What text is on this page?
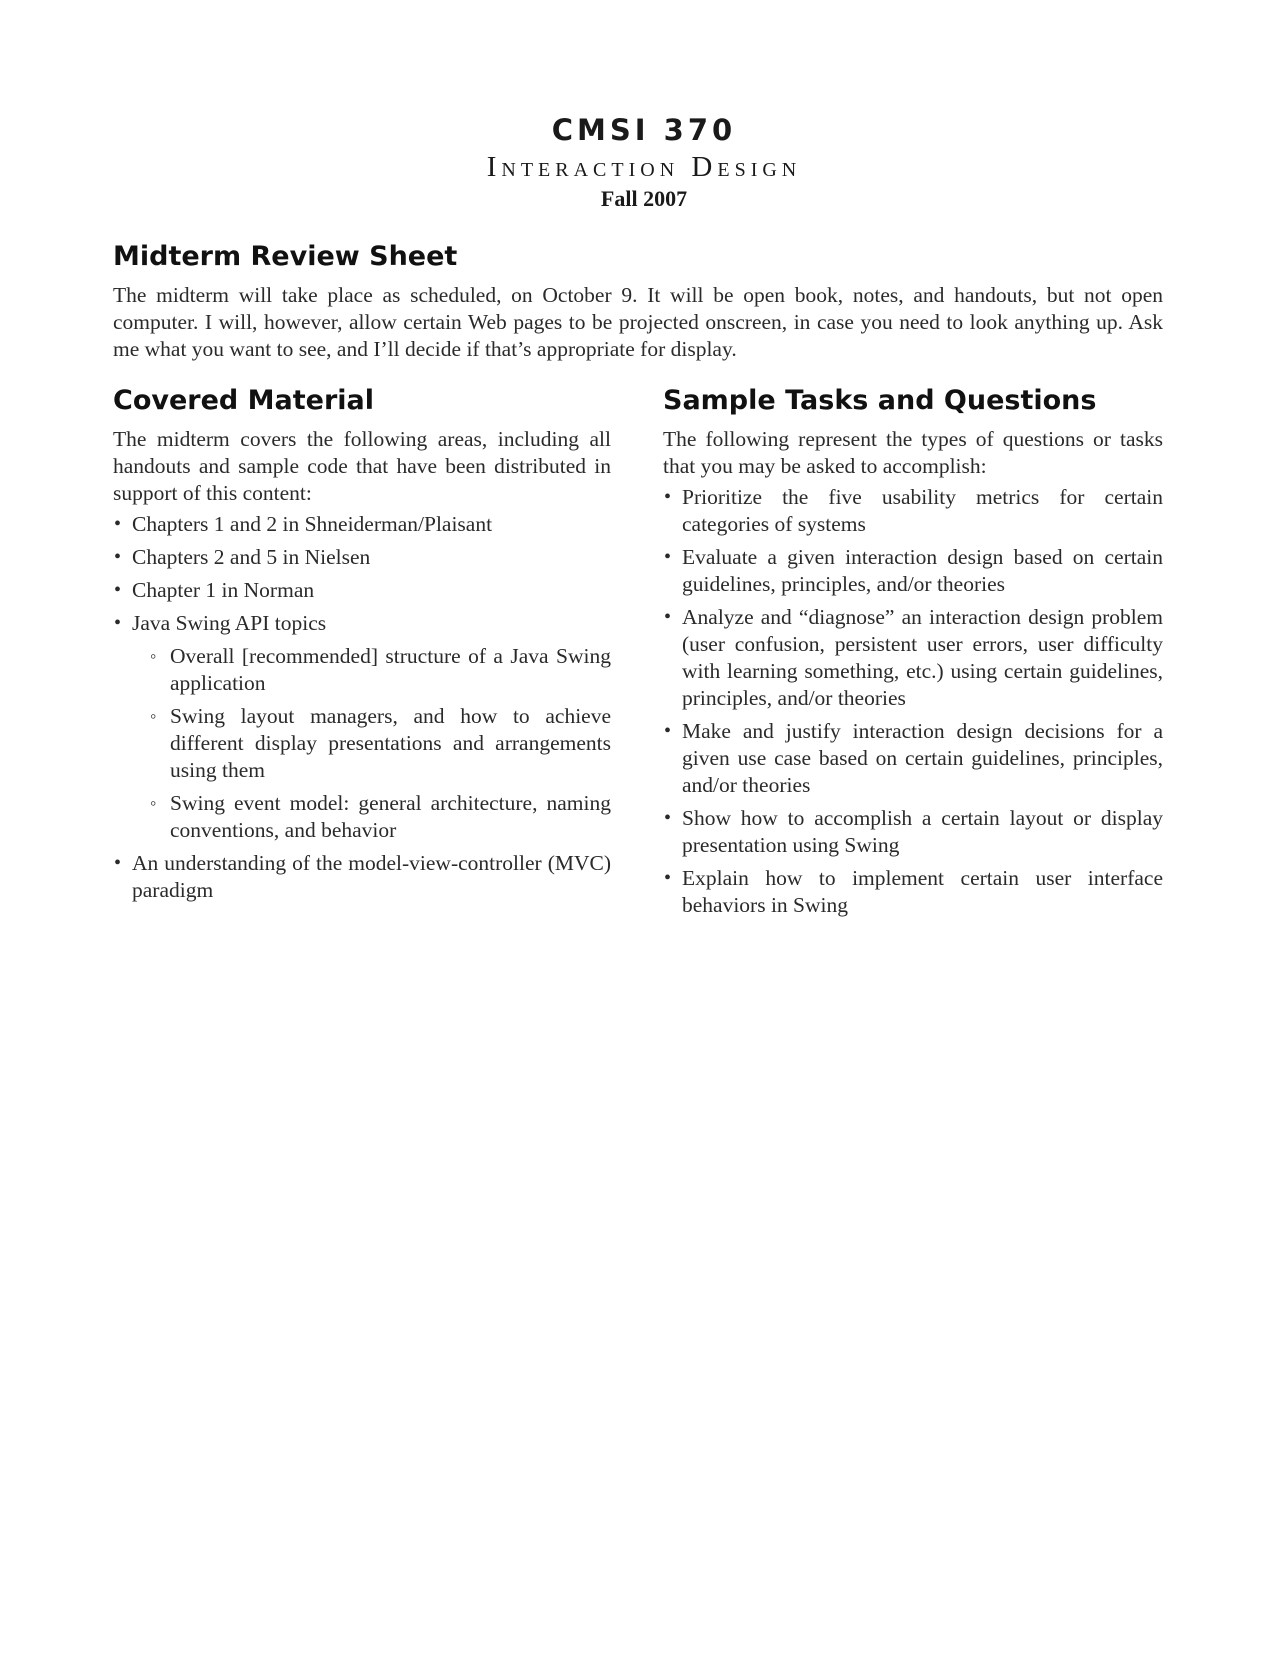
CMSI 370
Interaction Design
Fall 2007
Midterm Review Sheet

The midterm will take place as scheduled, on October 9. It will be open book, notes, and handouts, but not open computer. I will, however, allow certain Web pages to be projected onscreen, in case you need to look anything up. Ask me what you want to see, and I’ll decide if that’s appropriate for display.

Covered Material

The midterm covers the following areas, including all handouts and sample code that have been distributed in support of this content:

• Chapters 1 and 2 in Shneiderman/Plaisant
• Chapters 2 and 5 in Nielsen
• Chapter 1 in Norman
• Java Swing API topics
◦ Overall [recommended] structure of a Java Swing application
◦ Swing layout managers, and how to achieve different display presentations and arrangements using them
◦ Swing event model: general architecture, naming conventions, and behavior
• An understanding of the model-view-controller (MVC) paradigm
Sample Tasks and Questions

The following represent the types of questions or tasks that you may be asked to accomplish:

• Prioritize the five usability metrics for certain categories of systems
• Evaluate a given interaction design based on certain guidelines, principles, and/or theories
• Analyze and “diagnose” an interaction design problem (user confusion, persistent user errors, user difficulty with learning something, etc.) using certain guidelines, principles, and/or theories
• Make and justify interaction design decisions for a given use case based on certain guidelines, principles, and/or theories
• Show how to accomplish a certain layout or display presentation using Swing
• Explain how to implement certain user interface behaviors in Swing
